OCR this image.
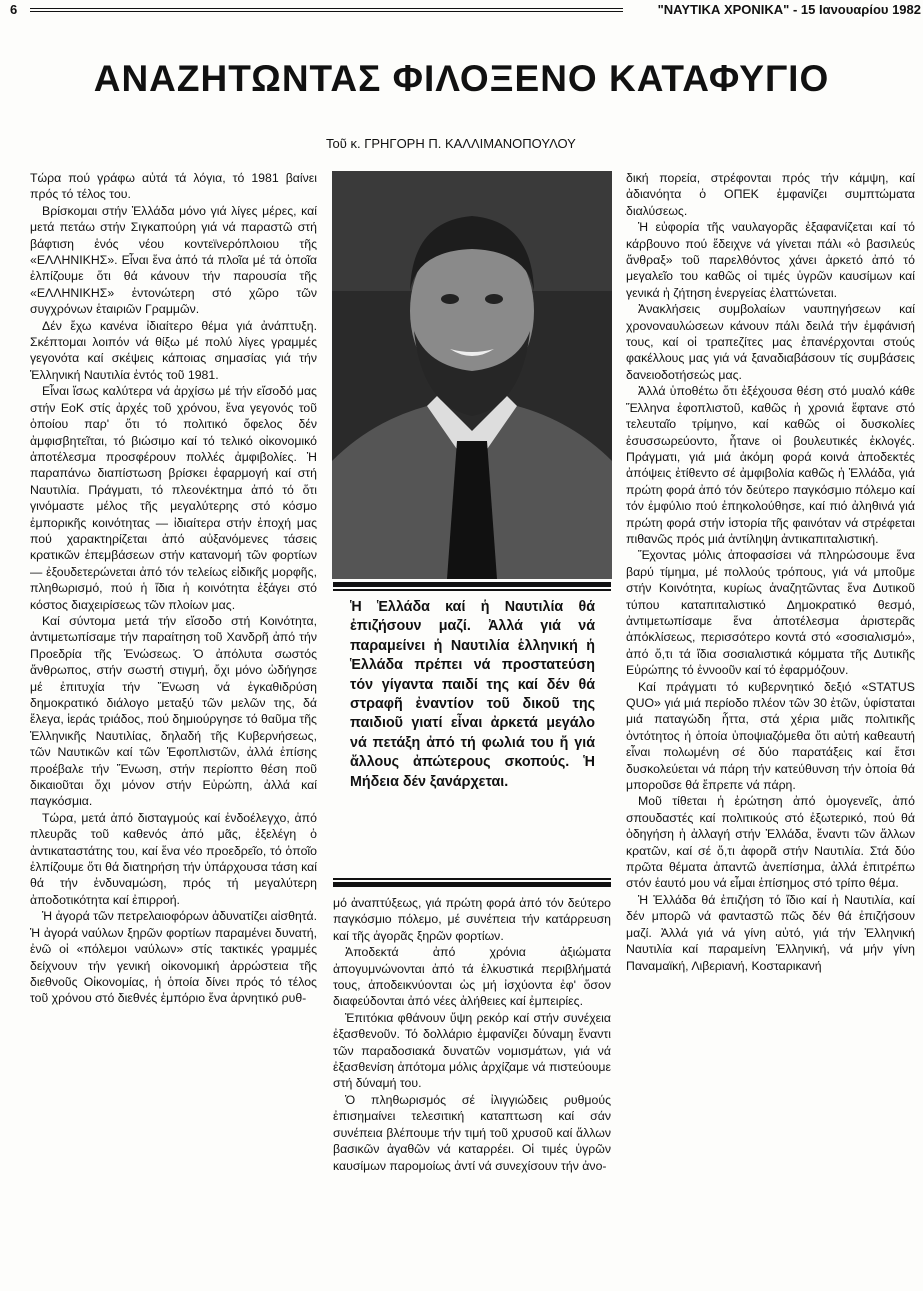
6	"ΝΑΥΤΙΚΑ ΧΡΟΝΙΚΑ" - 15 Ιανουαρίου 1982
ΑΝΑΖΗΤΩΝΤΑΣ ΦΙΛΟΞΕΝΟ ΚΑΤΑΦΥΓΙΟ
Τοῦ κ. ΓΡΗΓΟΡΗ Π. ΚΑΛΛΙΜΑΝΟΠΟΥΛΟΥ

Τώρα πού γράφω αὐτά τά λόγια, τό 1981 βαίνει πρός τό τέλος του.

Βρίσκομαι στήν Ἑλλάδα μόνο γιά λίγες μέρες, καί μετά πετάω στήν Σιγκαπούρη γιά νά παραστῶ στή βάφτιση ἑνός νέου κοντεϊνερόπλοιου τῆς «ΕΛΛΗΝΙΚΗΣ». Εἶναι ἕνα ἀπό τά πλοῖα μέ τά ὁποῖα ἐλπίζουμε ὅτι θά κάνουν τήν παρουσία τῆς «ΕΛΛΗΝΙΚΗΣ» ἐντονώτερη στό χῶρο τῶν συγχρόνων ἑταιριῶν Γραμμῶν.

Δέν ἔχω κανένα ἰδιαίτερο θέμα γιά ἀνάπτυξη. Σκέπτομαι λοιπόν νά θίξω μέ πολύ λίγες γραμμές γεγονότα καί σκέψεις κάποιας σημασίας γιά τήν Ἑλληνική Ναυτιλία ἐντός τοῦ 1981.

Εἶναι ἴσως καλύτερα νά ἀρχίσω μέ τήν εἴσοδό μας στήν ΕοΚ στίς ἀρχές τοῦ χρόνου, ἕνα γεγονός τοῦ ὁποίου παρ' ὅτι τό πολιτικό ὄφελος δέν ἀμφισβητεῖται, τό βιώσιμο καί τό τελικό οἰκονομικό ἀποτέλεσμα προσφέρουν πολλές ἀμφιβολίες. Ἡ παραπάνω διαπίστωση βρίσκει ἐφαρμογή καί στή Ναυτιλία. Πράγματι, τό πλεονέκτημα ἀπό τό ὅτι γινόμαστε μέλος τῆς μεγαλύτερης στό κόσμο ἐμπορικῆς κοινότητας — ἰδιαίτερα στήν ἐποχή μας πού χαρακτηρίζεται ἀπό αὐξανόμενες τάσεις κρατικῶν ἐπεμβάσεων στήν κατανομή τῶν φορτίων — ἐξουδετερώνεται ἀπό τόν τελείως εἰδικῆς μορφῆς, πληθωρισμό, πού ἡ ἴδια ἡ κοινότητα ἐξάγει στό κόστος διαχειρίσεως τῶν πλοίων μας.

Καί σύντομα μετά τήν εἴσοδο στή Κοινότητα, ἀντιμετωπίσαμε τήν παραίτηση τοῦ Χανδρῆ ἀπό τήν Προεδρία τῆς Ἑνώσεως. Ὁ ἀπόλυτα σωστός ἄνθρωπος, στήν σωστή στιγμή, ὄχι μόνο ὡδήγησε μέ ἐπιτυχία τήν Ἕνωση νά ἐγκαθιδρύση δημοκρατικό διάλογο μεταξύ τῶν μελῶν της, δά ἔλεγα, ἱεράς τριάδος, πού δημιούργησε τό θαῦμα τῆς Ἑλληνικῆς Ναυτιλίας, δηλαδή τῆς Κυβερνήσεως, τῶν Ναυτικῶν καί τῶν Ἐφοπλιστῶν, ἀλλά ἐπίσης προέβαλε τήν Ἕνωση, στήν περίοπτο θέση ποῦ δικαιοῦται ὄχι μόνον στήν Εὐρώπη, ἀλλά καί παγκόσμια.

Τώρα, μετά ἀπό δισταγμούς καί ἐνδοέλεγχο, ἀπό πλευρᾶς τοῦ καθενός ἀπό μᾶς, ἐξελέγη ὁ ἀντικαταστάτης του, καί ἕνα νέο προεδρεῖο, τό ὁποῖο ἐλπίζουμε ὅτι θά διατηρήση τήν ὑπάρχουσα τάση καί θά τήν ἐνδυναμώση, πρός τή μεγαλύτερη ἀποδοτικότητα καί ἐπιρροή.

Ἡ ἀγορά τῶν πετρελαιοφόρων ἀδυνατίζει αἰσθητά. Ἡ ἀγορά ναύλων ξηρῶν φορτίων παραμένει δυνατή, ἐνῶ οἱ «πόλεμοι ναύλων» στίς τακτικές γραμμές δείχνουν τήν γενική οἰκονομική ἀρρώστεια τῆς διεθνοῦς Οἰκονομίας, ἡ ὁποία δίνει πρός τό τέλος τοῦ χρόνου στό διεθνές ἐμπόριο ἕνα ἀρνητικό ρυθ-

Ἡ Ἑλλάδα καί ἡ Ναυτιλία θά ἐπιζήσουν μαζί. Ἀλλά γιά νά παραμείνει ἡ Ναυτιλία ἑλληνική ἡ Ἑλλάδα πρέπει νά προστατεύση τόν γίγαντα παιδί της καί δέν θά στραφῆ ἐναντίον τοῦ δικοῦ της παιδιοῦ γιατί εἶναι ἀρκετά μεγάλο νά πετάξη ἀπό τή φωλιά του ἤ γιά ἄλλους ἀπώτερους σκοπούς. Ἡ Μήδεια δέν ξανάρχεται.

μό ἀναπτύξεως, γιά πρώτη φορά ἀπό τόν δεύτερο παγκόσμιο πόλεμο, μέ συνέπεια τήν κατάρρευση καί τῆς ἀγορᾶς ξηρῶν φορτίων.

Ἀποδεκτά ἀπό χρόνια ἀξιώματα ἀπογυμνώνονται ἀπό τά ἑλκυστικά περιβλήματά τους, ἀποδεικνύονται ὡς μή ἰσχύοντα ἐφ' ὅσον διαφεύδονται ἀπό νέες ἀλήθειες καί ἐμπειρίες.

Ἐπιτόκια φθάνουν ὕψη ρεκόρ καί στήν συνέχεια ἐξασθενοῦν. Τό δολλάριο ἐμφανίζει δύναμη ἔναντι τῶν παραδοσιακά δυνατῶν νομισμάτων, γιά νά ἐξασθενίση ἀπότομα μόλις ἀρχίζαμε νά πιστεύουμε στή δύναμή του.

Ὁ πληθωρισμός σέ ἰλιγγιώδεις ρυθμούς ἐπισημαίνει τελεσιτική καταπτωση καί σάν συνέπεια βλέπουμε τήν τιμή τοῦ χρυσοῦ καί ἄλλων βασικῶν ἀγαθῶν νά καταρρέει. Οἱ τιμές ὑγρῶν καυσίμων παρομοίως ἀντί νά συνεχίσουν τήν ἀνο-

δική πορεία, στρέφονται πρός τήν κάμψη, καί ἀδιανόητα ὁ ΟΠΕΚ ἐμφανίζει συμπτώματα διαλύσεως.

Ἡ εὐφορία τῆς ναυλαγορᾶς ἐξαφανίζεται καί τό κάρβουνο πού ἔδειχνε νά γίνεται πάλι «ὁ βασιλεύς ἄνθραξ» τοῦ παρελθόντος χάνει ἀρκετό ἀπό τό μεγαλεῖο του καθῶς οἱ τιμές ὑγρῶν καυσίμων καί γενικά ἡ ζήτηση ἐνεργείας ἐλαττώνεται.

Ἀνακλήσεις συμβολαίων ναυπηγήσεων καί χρονοναυλώσεων κάνουν πάλι δειλά τήν ἐμφάνισή τους, καί οἱ τραπεζίτες μας ἐπανέρχονται στούς φακέλλους μας γιά νά ξαναδιαβάσουν τίς συμβάσεις δανειοδοτήσεώς μας.

Ἀλλά ὑποθέτω ὅτι ἐξέχουσα θέση στό μυαλό κάθε Ἕλληνα ἐφοπλιστοῦ, καθῶς ἡ χρονιά ἔφτανε στό τελευταῖο τρίμηνο, καί καθῶς οἱ δυσκολίες ἐσυσσωρεύοντο, ἦτανε οἱ βουλευτικές ἐκλογές. Πράγματι, γιά μιά ἀκόμη φορά κοινά ἀποδεκτές ἀπόψεις ἐτίθεντο σέ ἀμφιβολία καθῶς ἡ Ἑλλάδα, γιά πρώτη φορά ἀπό τόν δεύτερο παγκόσμιο πόλεμο καί τόν ἐμφύλιο πού ἐπηκολούθησε, καί πιό ἀληθινά γιά πρώτη φορά στήν ἱστορία τῆς φαινόταν νά στρέφεται πιθανῶς πρός μιά ἀντίληψη ἀντικαπιταλιστική.

Ἔχοντας μόλις ἀποφασίσει νά πληρώσουμε ἕνα βαρύ τίμημα, μέ πολλούς τρόπους, γιά νά μποῦμε στήν Κοινότητα, κυρίως ἀναζητῶντας ἕνα Δυτικοῦ τύπου καταπιταλιστικό Δημοκρατικό θεσμό, ἀντιμετωπίσαμε ἕνα ἀποτέλεσμα ἀριστερᾶς ἀπόκλίσεως, περισσότερο κοντά στό «σοσιαλισμό», ἀπό ὅ,τι τά ἴδια σοσιαλιστικά κόμματα τῆς Δυτικῆς Εὐρώπης τό ἐννοοῦν καί τό ἐφαρμόζουν.

Καί πράγματι τό κυβερνητικό δεξιό «STATUS QUO» γιά μιά περίοδο πλέον τῶν 30 ἐτῶν, ὑφίσταται μιά παταγώδη ἧττα, στά χέρια μιᾶς πολιτικῆς ὀντότητος ἡ ὁποία ὑποψιαζόμεθα ὅτι αὐτή καθεαυτή εἶναι πολωμένη σέ δύο παρατάξεις καί ἔτσι δυσκολεύεται νά πάρη τήν κατεύθυνση τήν ὁποία θά μποροῦσε θά ἔπρεπε νά πάρη.

Μοῦ τίθεται ἡ ἐρώτηση ἀπό ὁμογενεῖς, ἀπό σπουδαστές καί πολιτικούς στό ἐξωτερικό, πού θά ὁδηγήση ἡ ἀλλαγή στήν Ἑλλάδα, ἔναντι τῶν ἄλλων κρατῶν, καί σέ ὅ,τι ἀφορᾶ στήν Ναυτιλία. Στά δύο πρῶτα θέματα ἀπαντῶ ἀνεπίσημα, ἀλλά ἐπιτρέπω στόν ἑαυτό μου νά εἶμαι ἐπίσημος στό τρίπο θέμα.

Ἡ Ἑλλάδα θά ἐπιζήση τό ἴδιο καί ἡ Ναυτιλία, καί δέν μπορῶ νά φανταστῶ πῶς δέν θά ἐπιζήσουν μαζί. Ἀλλά γιά νά γίνη αὐτό, γιά τήν Ἑλληνική Ναυτιλία καί παραμείνη Ἑλληνική, νά μήν γίνη Παναμαϊκή, Λιβεριανή, Κοσταρικανή
